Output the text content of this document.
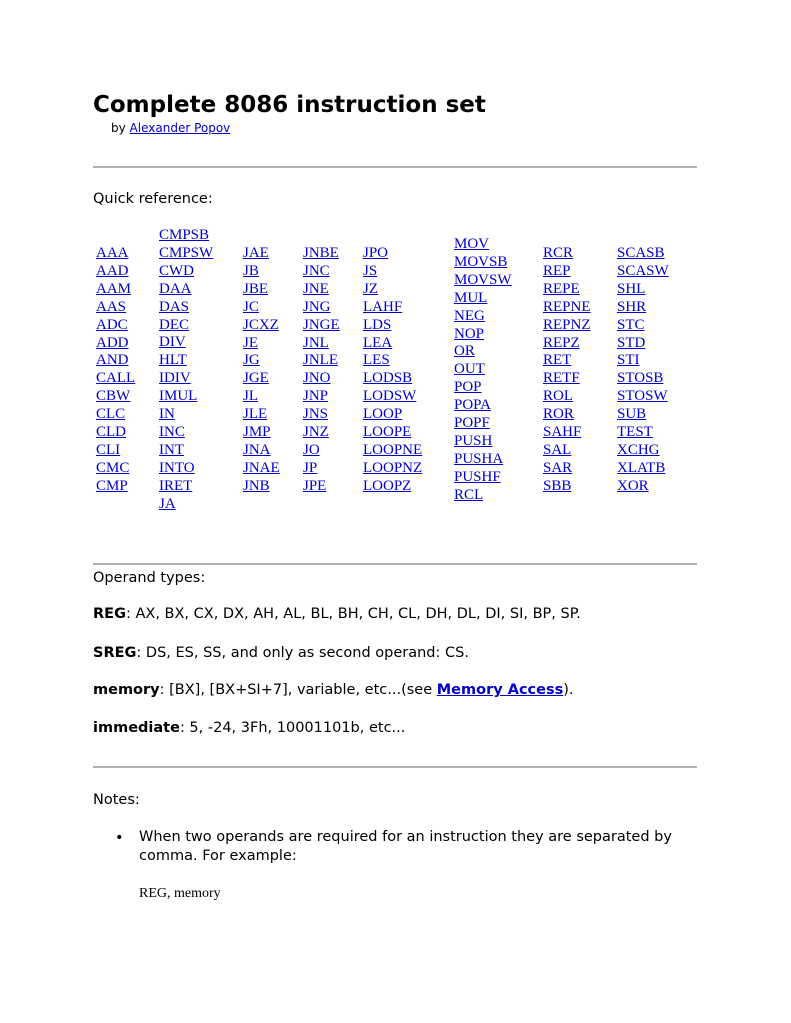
Complete 8086 instruction set
by Alexander Popov
Quick reference:
AAA
AAD
AAM
AAS
ADC
ADD
AND
CALL
CBW
CLC
CLD
CLI
CMC
CMP
CMPSB
CMPSW
CWD
DAA
DAS
DEC
DIV
HLT
IDIV
IMUL
IN
INC
INT
INTO
IRET
JA
JAE
JB
JBE
JC
JCXZ
JE
JG
JGE
JL
JLE
JMP
JNA
JNAE
JNB
JNBE
JNC
JNE
JNG
JNGE
JNL
JNLE
JNO
JNP
JNS
JNZ
JO
JP
JPE
JPO
JS
JZ
LAHF
LDS
LEA
LES
LODSB
LODSW
LOOP
LOOPE
LOOPNE
LOOPNZ
LOOPZ
MOV
MOVSB
MOVSW
MUL
NEG
NOP
OR
OUT
POP
POPA
POPF
PUSH
PUSHA
PUSHF
RCL
RCR
REP
REPE
REPNE
REPNZ
REPZ
RET
RETF
ROL
ROR
SAHF
SAL
SAR
SBB
SCASB
SCASW
SHL
SHR
STC
STD
STI
STOSB
STOSW
SUB
TEST
XCHG
XLATB
XOR
Operand types:
REG: AX, BX, CX, DX, AH, AL, BL, BH, CH, CL, DH, DL, DI, SI, BP, SP.
SREG: DS, ES, SS, and only as second operand: CS.
memory: [BX], [BX+SI+7], variable, etc...(see Memory Access).
immediate: 5, -24, 3Fh, 10001101b, etc...
Notes:
• When two operands are required for an instruction they are separated by comma. For example:
REG, memory
